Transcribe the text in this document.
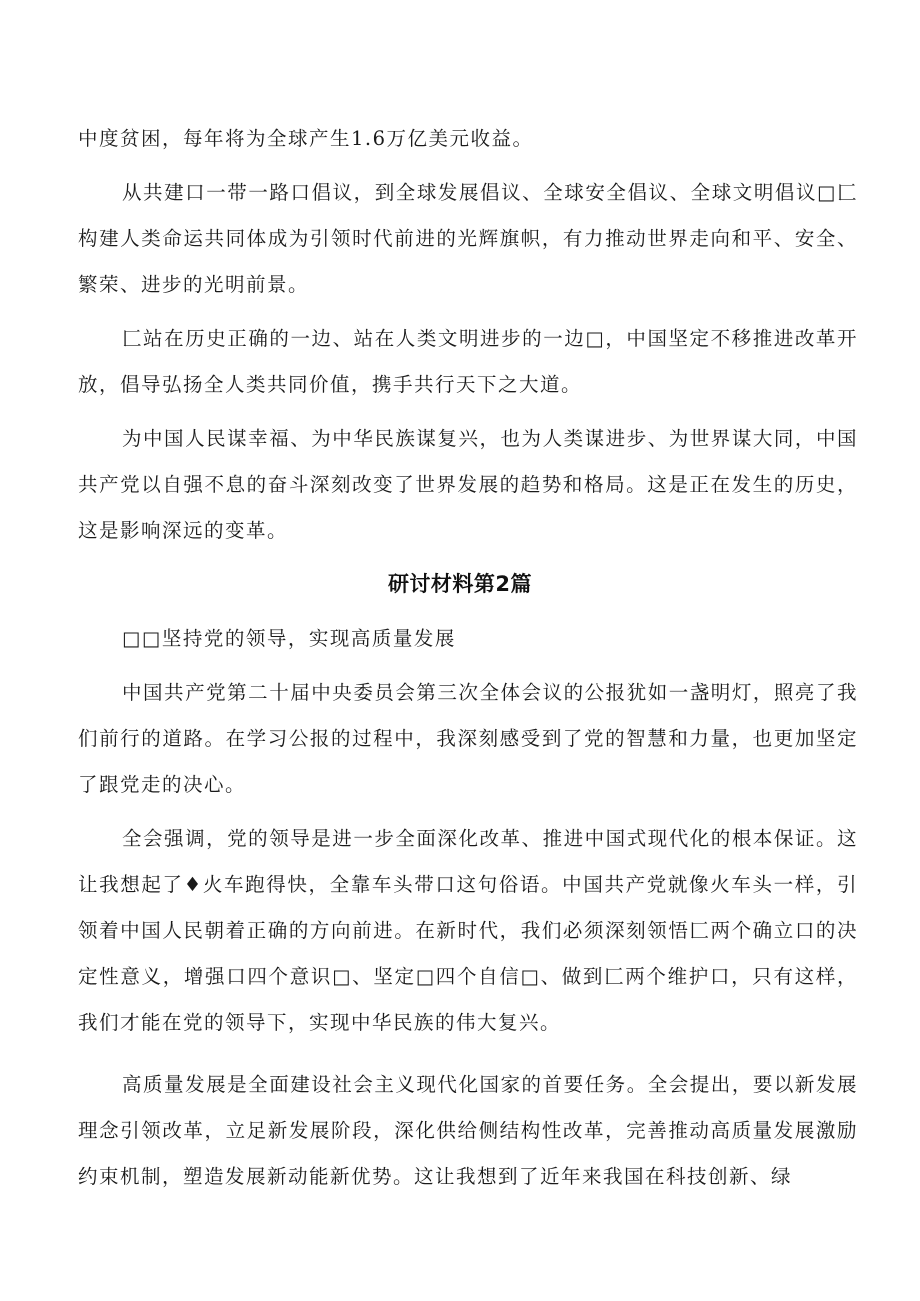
中度贫困，每年将为全球产生1.6万亿美元收益。

从共建口一带一路口倡议，到全球发展倡议、全球安全倡议、全球文明倡议□匚构建人类命运共同体成为引领时代前进的光辉旗帜，有力推动世界走向和平、安全、繁荣、进步的光明前景。

匚站在历史正确的一边、站在人类文明进步的一边□，中国坚定不移推进改革开放，倡导弘扬全人类共同价值，携手共行天下之大道。

为中国人民谋幸福、为中华民族谋复兴，也为人类谋进步、为世界谋大同，中国共产党以自强不息的奋斗深刻改变了世界发展的趋势和格局。这是正在发生的历史，这是影响深远的变革。

研讨材料第2篇

□□坚持党的领导，实现高质量发展

中国共产党第二十届中央委员会第三次全体会议的公报犹如一盏明灯，照亮了我们前行的道路。在学习公报的过程中，我深刻感受到了党的智慧和力量，也更加坚定了跟党走的决心。

全会强调，党的领导是进一步全面深化改革、推进中国式现代化的根本保证。这让我想起了♦火车跑得快，全靠车头带口这句俗语。中国共产党就像火车头一样，引领着中国人民朝着正确的方向前进。在新时代，我们必须深刻领悟匚两个确立口的决定性意义，增强口四个意识□、坚定□四个自信□、做到匚两个维护口，只有这样，我们才能在党的领导下，实现中华民族的伟大复兴。

高质量发展是全面建设社会主义现代化国家的首要任务。全会提出，要以新发展理念引领改革，立足新发展阶段，深化供给侧结构性改革，完善推动高质量发展激励约束机制，塑造发展新动能新优势。这让我想到了近年来我国在科技创新、绿
